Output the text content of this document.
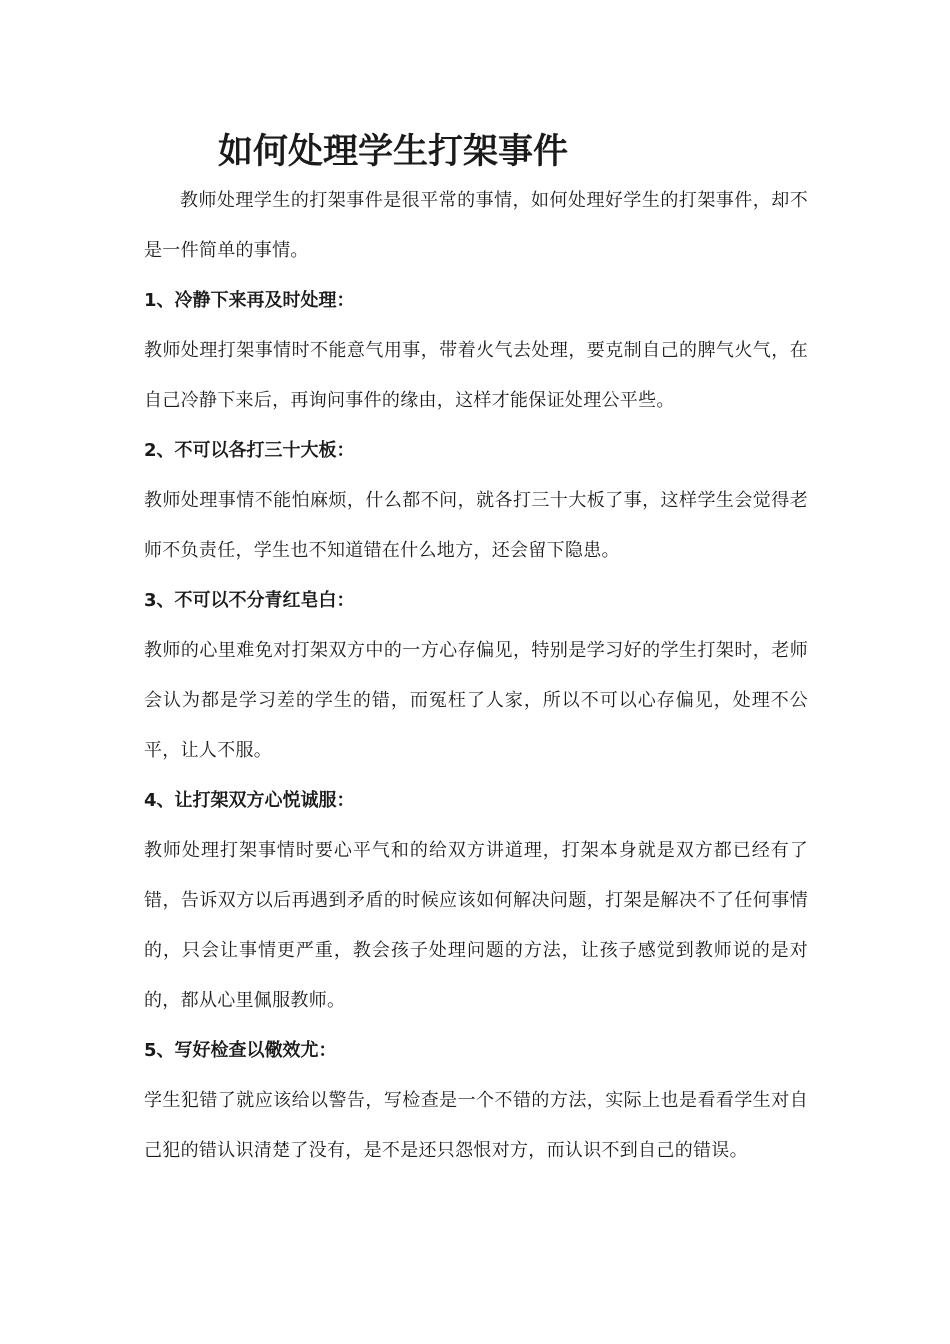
如何处理学生打架事件

教师处理学生的打架事件是很平常的事情，如何处理好学生的打架事件，却不是一件简单的事情。

1、冷静下来再及时处理：

教师处理打架事情时不能意气用事，带着火气去处理，要克制自己的脾气火气，在自己冷静下来后，再询问事件的缘由，这样才能保证处理公平些。

2、不可以各打三十大板：

教师处理事情不能怕麻烦，什么都不问，就各打三十大板了事，这样学生会觉得老师不负责任，学生也不知道错在什么地方，还会留下隐患。

3、不可以不分青红皂白：

教师的心里难免对打架双方中的一方心存偏见，特别是学习好的学生打架时，老师会认为都是学习差的学生的错，而冤枉了人家，所以不可以心存偏见，处理不公平，让人不服。

4、让打架双方心悦诚服：

教师处理打架事情时要心平气和的给双方讲道理，打架本身就是双方都已经有了错，告诉双方以后再遇到矛盾的时候应该如何解决问题，打架是解决不了任何事情的，只会让事情更严重，教会孩子处理问题的方法，让孩子感觉到教师说的是对的，都从心里佩服教师。

5、写好检查以儆效尤：

学生犯错了就应该给以警告，写检查是一个不错的方法，实际上也是看看学生对自己犯的错认识清楚了没有，是不是还只怨恨对方，而认识不到自己的错误。
